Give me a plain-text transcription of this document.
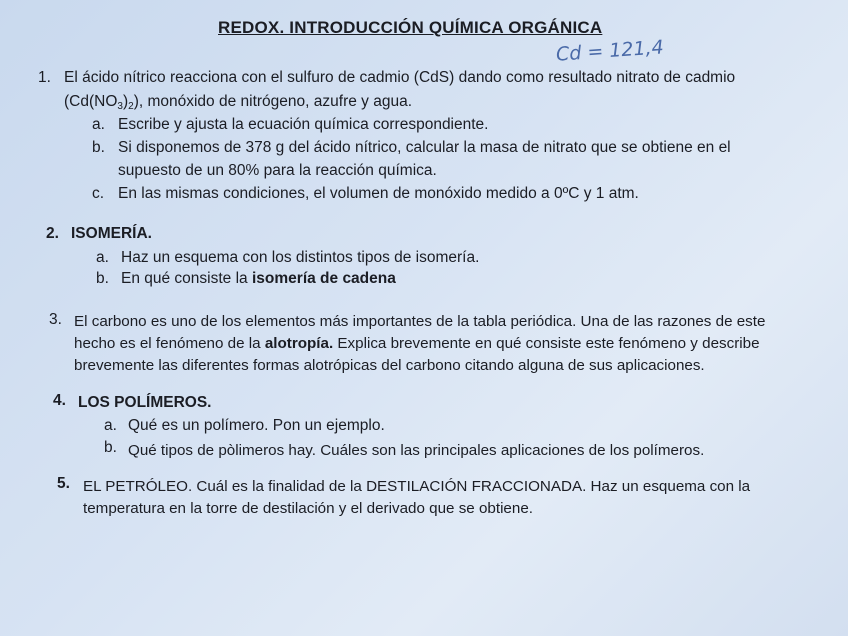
REDOX. INTRODUCCIÓN QUÍMICA ORGÁNICA
Cd = 121,4
1. El ácido nítrico reacciona con el sulfuro de cadmio (CdS) dando como resultado nitrato de cadmio
$(Cd(NO_3)_2)$, monóxido de nitrógeno, azufre y agua.
a. Escribe y ajusta la ecuación química correspondiente.
b. Si disponemos de 378 g del ácido nítrico, calcular la masa de nitrato que se obtiene en el
supuesto de un 80% para la reacción química.
c. En las mismas condiciones, el volumen de monóxido medido a 0ºC y 1 atm.
2. ISOMERÍA.
a. Haz un esquema con los distintos tipos de isomería.
b. En qué consiste la isomería de cadena
3. El carbono es uno de los elementos más importantes de la tabla periódica. Una de las razones de este
hecho es el fenómeno de la alotropía. Explica brevemente en qué consiste este fenómeno y describe
brevemente las diferentes formas alotrópicas del carbono citando alguna de sus aplicaciones.
4. LOS POLÍMEROS.
a. Qué es un polímero. Pon un ejemplo.
b. Qué tipos de pòlimeros hay. Cuáles son las principales aplicaciones de los polímeros.
5. EL PETRÓLEO. Cuál es la finalidad de la DESTILACIÓN FRACCIONADA. Haz un esquema con la
temperatura en la torre de destilación y el derivado que se obtiene.
